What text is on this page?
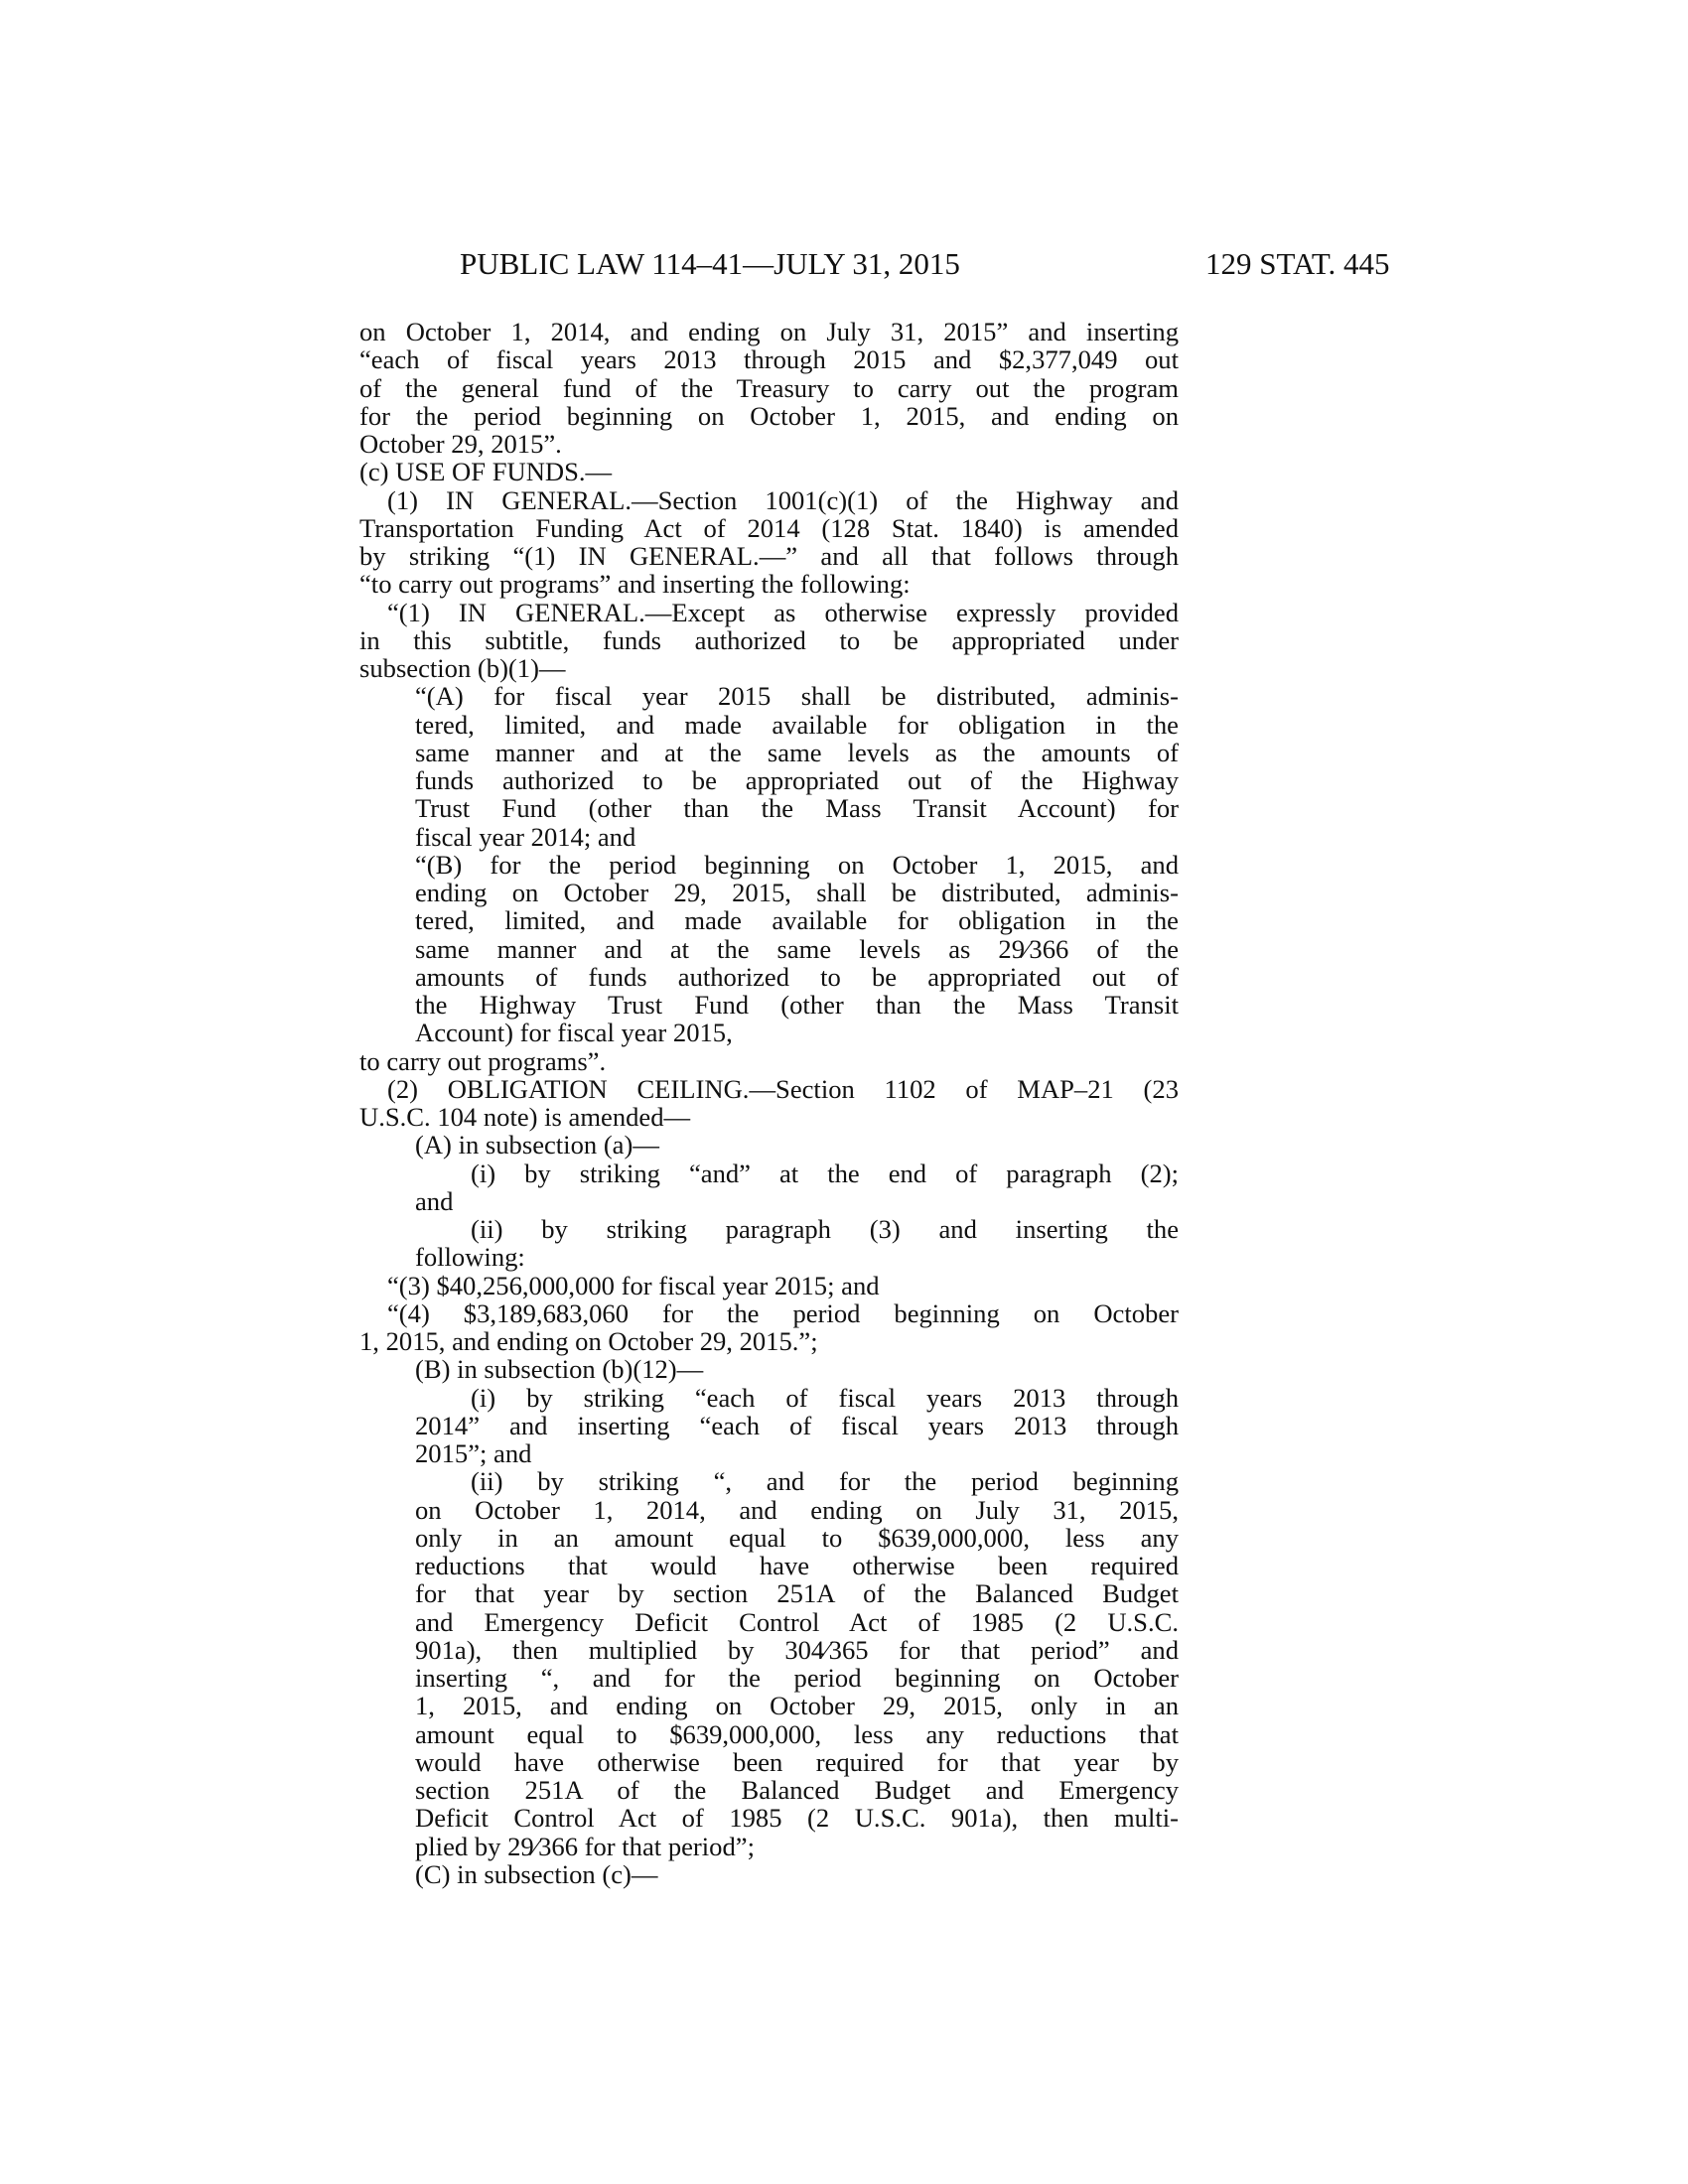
PUBLIC LAW 114–41—JULY 31, 2015	129 STAT. 445
on October 1, 2014, and ending on July 31, 2015” and inserting
“each of fiscal years 2013 through 2015 and $2,377,049 out
of the general fund of the Treasury to carry out the program
for the period beginning on October 1, 2015, and ending on
October 29, 2015”.
(c) USE OF FUNDS.—
(1) IN GENERAL.—Section 1001(c)(1) of the Highway and
Transportation Funding Act of 2014 (128 Stat. 1840) is amended
by striking “(1) IN GENERAL.—” and all that follows through
“to carry out programs” and inserting the following:
“(1) IN GENERAL.—Except as otherwise expressly provided
in this subtitle, funds authorized to be appropriated under
subsection (b)(1)—
“(A) for fiscal year 2015 shall be distributed, adminis-
tered, limited, and made available for obligation in the
same manner and at the same levels as the amounts of
funds authorized to be appropriated out of the Highway
Trust Fund (other than the Mass Transit Account) for
fiscal year 2014; and
“(B) for the period beginning on October 1, 2015, and
ending on October 29, 2015, shall be distributed, adminis-
tered, limited, and made available for obligation in the
same manner and at the same levels as 29⁄366 of the
amounts of funds authorized to be appropriated out of
the Highway Trust Fund (other than the Mass Transit
Account) for fiscal year 2015,
to carry out programs”.
(2) OBLIGATION CEILING.—Section 1102 of MAP–21 (23
U.S.C. 104 note) is amended—
(A) in subsection (a)—
(i) by striking “and” at the end of paragraph (2);
and
(ii) by striking paragraph (3) and inserting the
following:
“(3) $40,256,000,000 for fiscal year 2015; and
“(4) $3,189,683,060 for the period beginning on October
1, 2015, and ending on October 29, 2015.”;
(B) in subsection (b)(12)—
(i) by striking “each of fiscal years 2013 through
2014” and inserting “each of fiscal years 2013 through
2015”; and
(ii) by striking “, and for the period beginning
on October 1, 2014, and ending on July 31, 2015,
only in an amount equal to $639,000,000, less any
reductions that would have otherwise been required
for that year by section 251A of the Balanced Budget
and Emergency Deficit Control Act of 1985 (2 U.S.C.
901a), then multiplied by 304⁄365 for that period” and
inserting “, and for the period beginning on October
1, 2015, and ending on October 29, 2015, only in an
amount equal to $639,000,000, less any reductions that
would have otherwise been required for that year by
section 251A of the Balanced Budget and Emergency
Deficit Control Act of 1985 (2 U.S.C. 901a), then multi-
plied by 29⁄366 for that period”;
(C) in subsection (c)—
